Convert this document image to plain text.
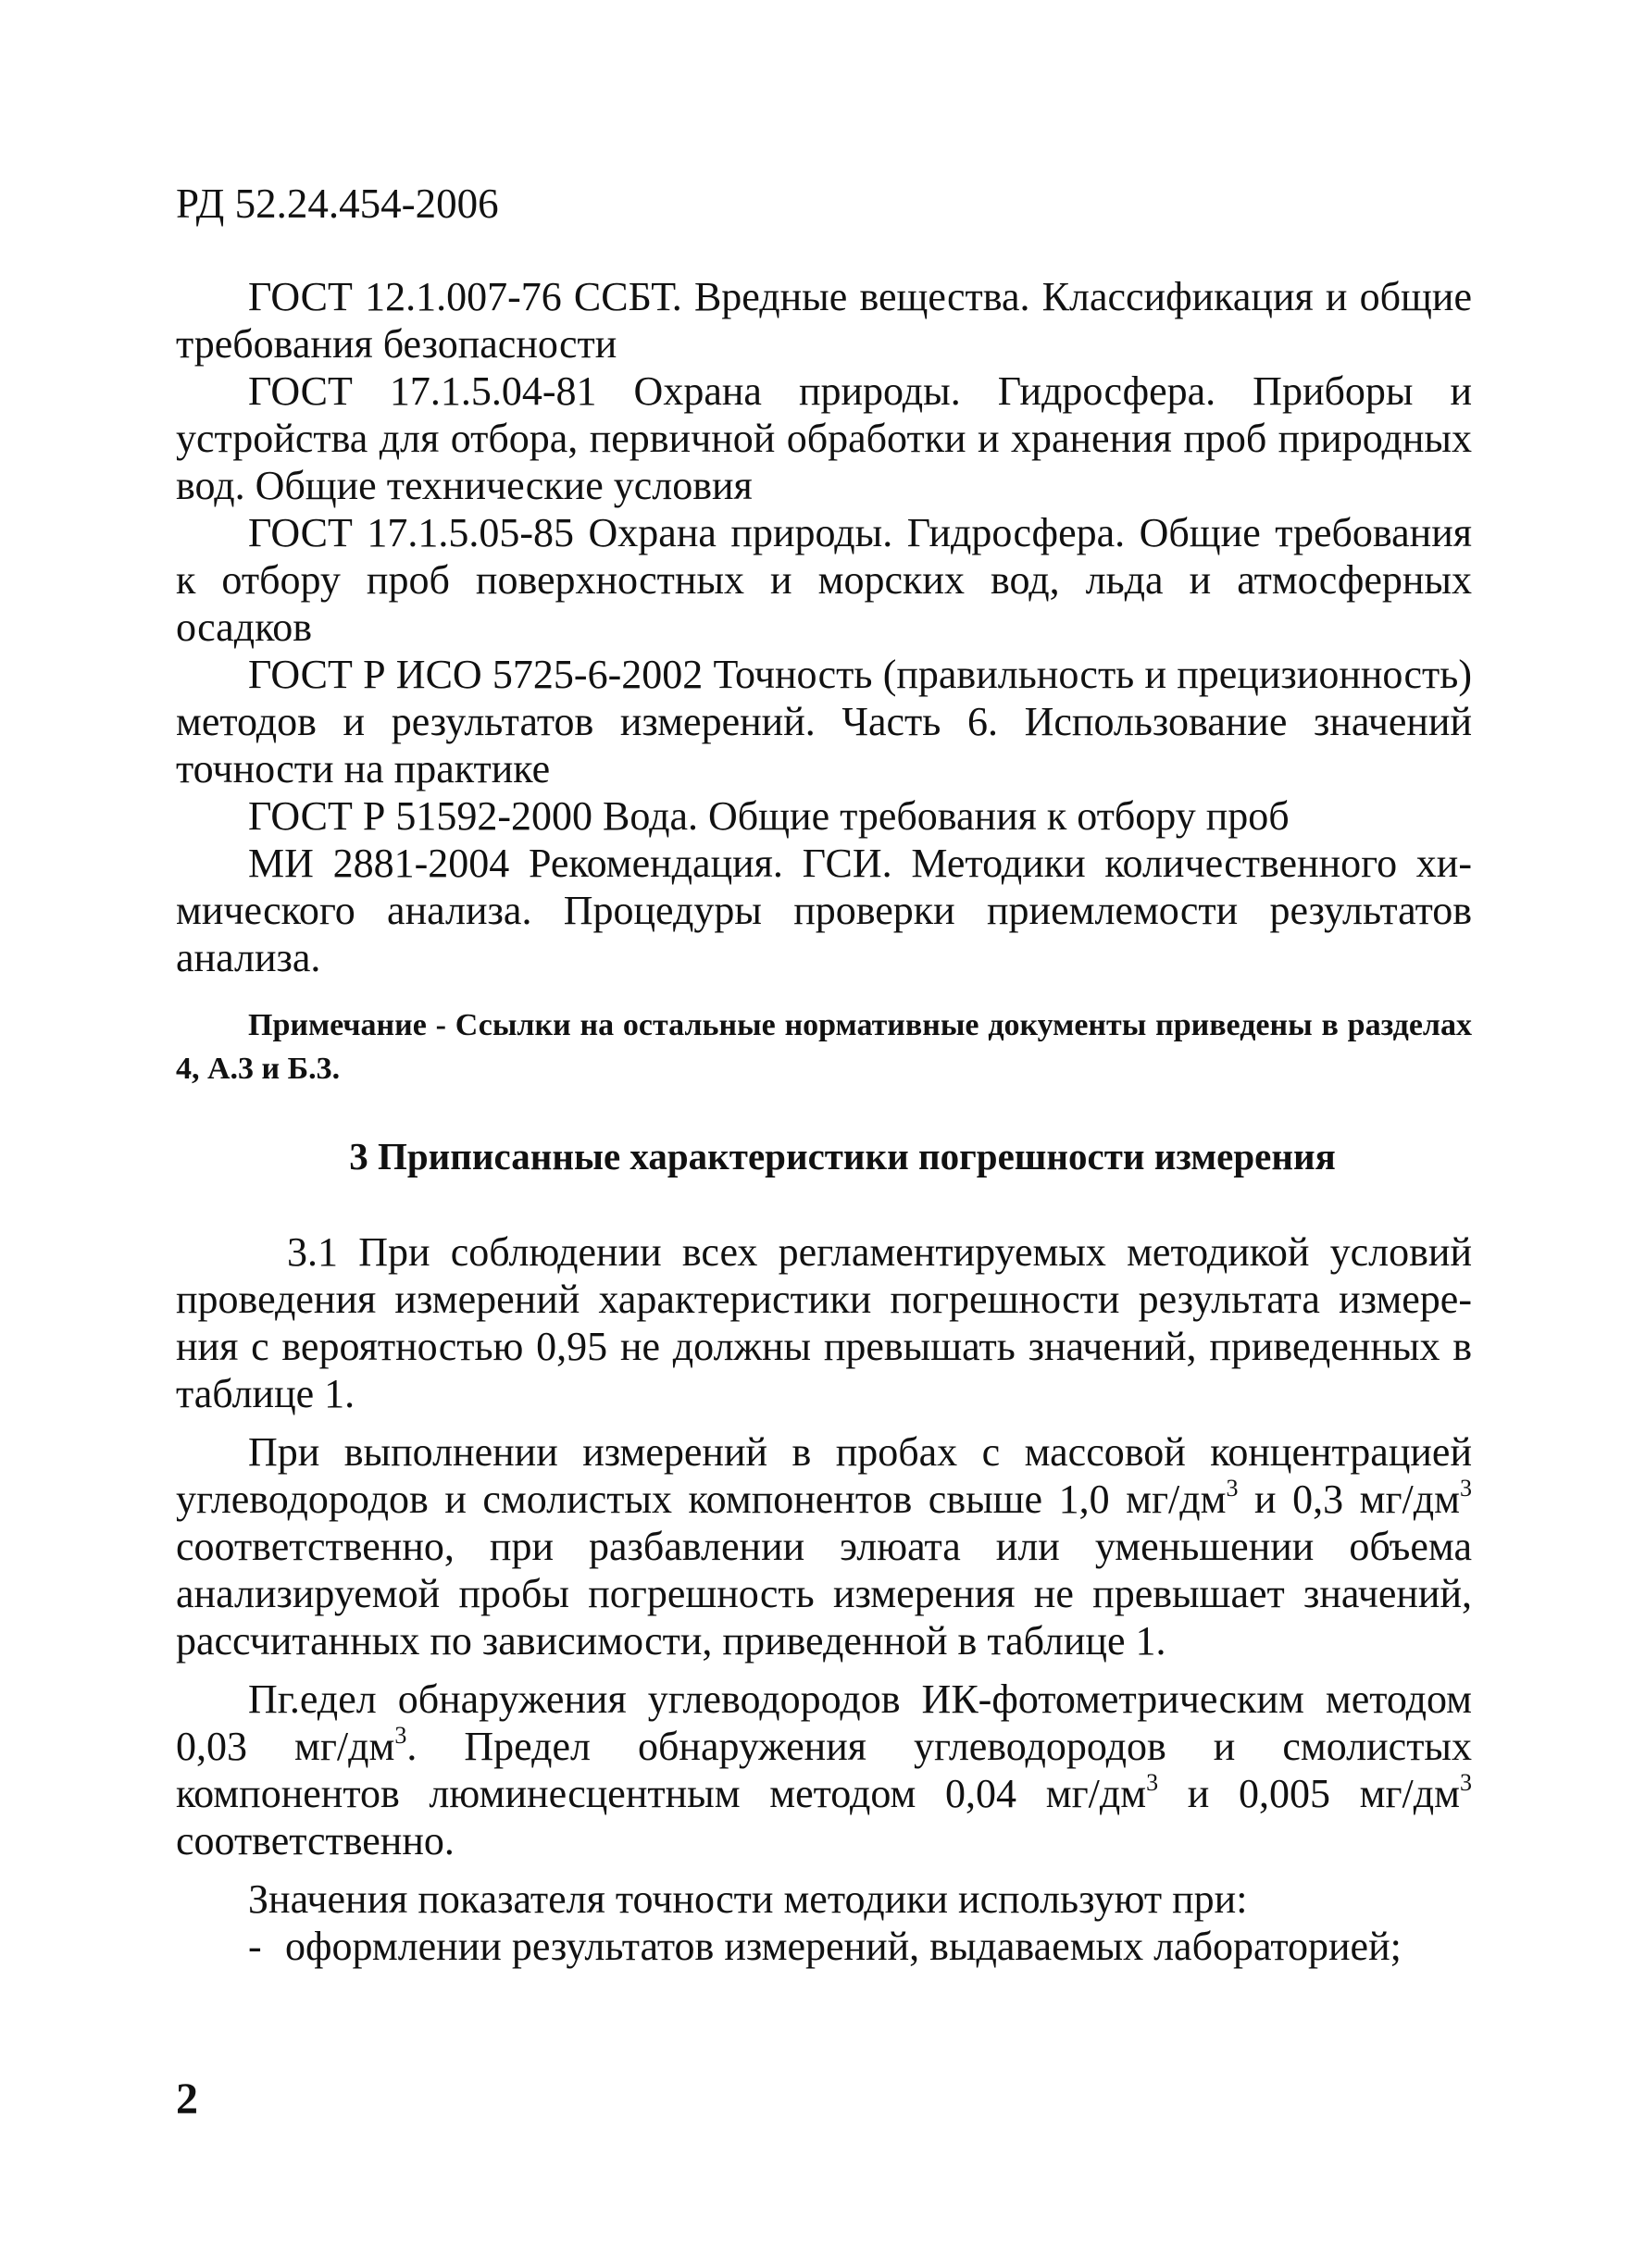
РД 52.24.454-2006

ГОСТ 12.1.007-76 ССБТ. Вредные вещества. Классификация и общие требования безопасности

ГОСТ 17.1.5.04-81 Охрана природы. Гидросфера. Приборы и устройства для отбора, первичной обработки и хранения проб природных вод. Общие технические условия

ГОСТ 17.1.5.05-85 Охрана природы. Гидросфера. Общие требования к отбору проб поверхностных и морских вод, льда и атмосферных осадков

ГОСТ Р ИСО 5725-6-2002 Точность (правильность и прецизионность) методов и результатов измерений. Часть 6. Использование значений точности на практике

ГОСТ Р 51592-2000 Вода. Общие требования к отбору проб

МИ 2881-2004 Рекомендация. ГСИ. Методики количественного химического анализа. Процедуры проверки приемлемости результатов анализа.

Примечание - Ссылки на остальные нормативные документы приведены в разделах 4, А.3 и Б.3.

3 Приписанные характеристики погрешности измерения

3.1 При соблюдении всех регламентируемых методикой условий проведения измерений характеристики погрешности результата измерения с вероятностью 0,95 не должны превышать значений, приведенных в таблице 1.

При выполнении измерений в пробах с массовой концентрацией углеводородов и смолистых компонентов свыше 1,0 $мг/дм^3$ и 0,3 $мг/дм^3$ соответственно, при разбавлении элюата или уменьшении объема анализируемой пробы погрешность измерения не превышает значений, рассчитанных по зависимости, приведенной в таблице 1.

Пг.едел обнаружения углеводородов ИК-фотометрическим методом 0,03 $мг/дм^3$. Предел обнаружения углеводородов и смолистых компонентов люминесцентным методом 0,04 $мг/дм^3$ и 0,005 $мг/дм^3$ соответственно.

Значения показателя точности методики используют при:

- оформлении результатов измерений, выдаваемых лабораторией;

2
